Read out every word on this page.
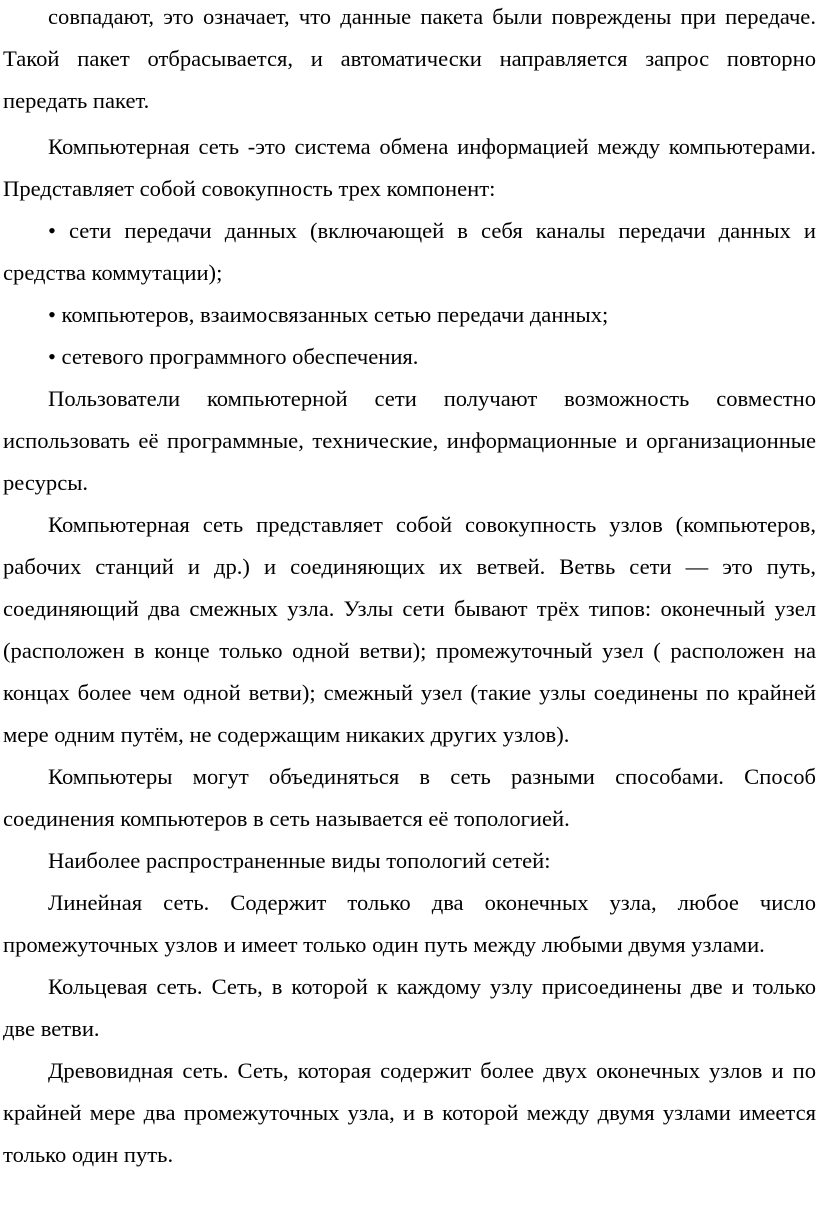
совпадают, это означает, что данные пакета были повреждены при передаче. Такой пакет отбрасывается, и автоматически направляется запрос повторно передать пакет.

Компьютерная сеть -это система обмена информацией между компьютерами. Представляет собой совокупность трех компонент:

• сети передачи данных (включающей в себя каналы передачи данных и средства коммутации);

• компьютеров, взаимосвязанных сетью передачи данных;

• сетевого программного обеспечения.

Пользователи компьютерной сети получают возможность совместно использовать её программные, технические, информационные и организационные ресурсы.

Компьютерная сеть представляет собой совокупность узлов (компьютеров, рабочих станций и др.) и соединяющих их ветвей. Ветвь сети — это путь, соединяющий два смежных узла. Узлы сети бывают трёх типов: оконечный узел (расположен в конце только одной ветви); промежуточный узел ( расположен на концах более чем одной ветви); смежный узел (такие узлы соединены по крайней мере одним путём, не содержащим никаких других узлов).

Компьютеры могут объединяться в сеть разными способами. Способ соединения компьютеров в сеть называется её топологией.

Наиболее распространенные виды топологий сетей:

Линейная сеть. Содержит только два оконечных узла, любое число промежуточных узлов и имеет только один путь между любыми двумя узлами.

Кольцевая сеть. Сеть, в которой к каждому узлу присоединены две и только две ветви.

Древовидная сеть. Сеть, которая содержит более двух оконечных узлов и по крайней мере два промежуточных узла, и в которой между двумя узлами имеется только один путь.
